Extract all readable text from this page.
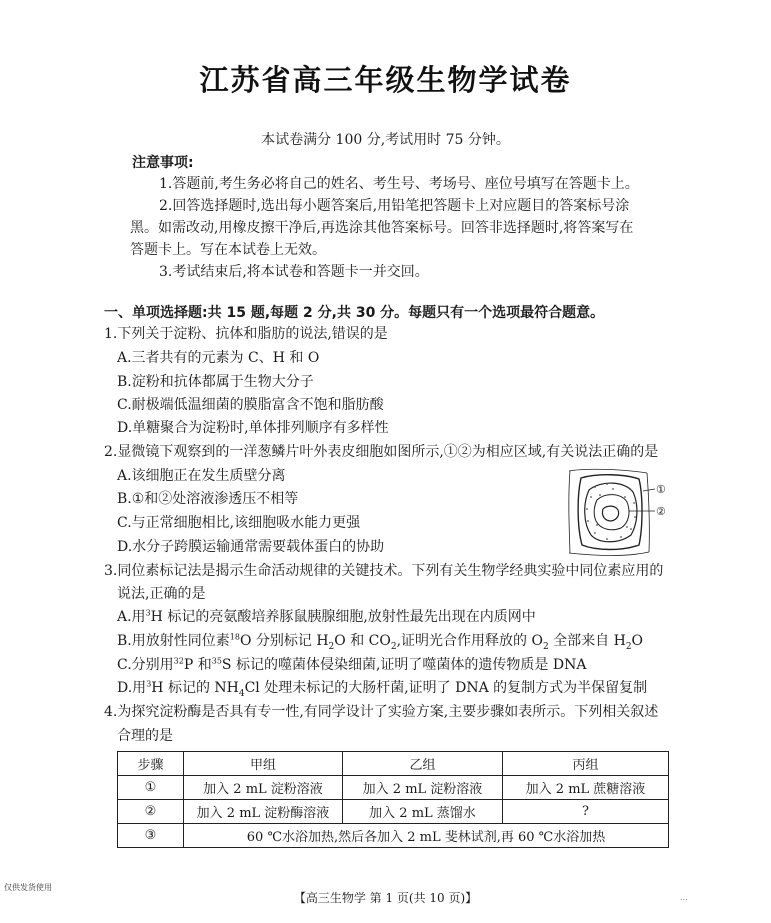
江苏省高三年级生物学试卷
本试卷满分 100 分,考试用时 75 分钟。
注意事项:
1.答题前,考生务必将自己的姓名、考生号、考场号、座位号填写在答题卡上。
2.回答选择题时,选出每小题答案后,用铅笔把答题卡上对应题目的答案标号涂
黑。如需改动,用橡皮擦干净后,再选涂其他答案标号。回答非选择题时,将答案写在
答题卡上。写在本试卷上无效。
3.考试结束后,将本试卷和答题卡一并交回。
一、单项选择题:共 15 题,每题 2 分,共 30 分。每题只有一个选项最符合题意。
1.下列关于淀粉、抗体和脂肪的说法,错误的是
A.三者共有的元素为 C、H 和 O
B.淀粉和抗体都属于生物大分子
C.耐极端低温细菌的膜脂富含不饱和脂肪酸
D.单糖聚合为淀粉时,单体排列顺序有多样性
2.显微镜下观察到的一洋葱鳞片叶外表皮细胞如图所示,①②为相应区域,有关说法正确的是
A.该细胞正在发生质壁分离
B.①和②处溶液渗透压不相等
C.与正常细胞相比,该细胞吸水能力更强
D.水分子跨膜运输通常需要载体蛋白的协助
①
②
3.同位素标记法是揭示生命活动规律的关键技术。下列有关生物学经典实验中同位素应用的
说法,正确的是
A.用$^3$H 标记的亮氨酸培养豚鼠胰腺细胞,放射性最先出现在内质网中
B.用放射性同位素$^{18}$O 分别标记 $H_2O$ 和 $CO_2$,证明光合作用释放的 $O_2$ 全部来自 $H_2O$
C.分别用$^{32}$P 和$^{35}$S 标记的噬菌体侵染细菌,证明了噬菌体的遗传物质是 DNA
D.用$^3$H 标记的 $NH_4Cl$ 处理未标记的大肠杆菌,证明了 DNA 的复制方式为半保留复制
4.为探究淀粉酶是否具有专一性,有同学设计了实验方案,主要步骤如表所示。下列相关叙述
合理的是
步骤	甲组	乙组	丙组
①	加入 2 mL 淀粉溶液	加入 2 mL 淀粉溶液	加入 2 mL 蔗糖溶液
②	加入 2 mL 淀粉酶溶液	加入 2 mL 蒸馏水	?
③	60 ℃水浴加热,然后各加入 2 mL 斐林试剂,再 60 ℃水浴加热		
仅供发货使用
【高三生物学 第 1 页(共 10 页)】	...
